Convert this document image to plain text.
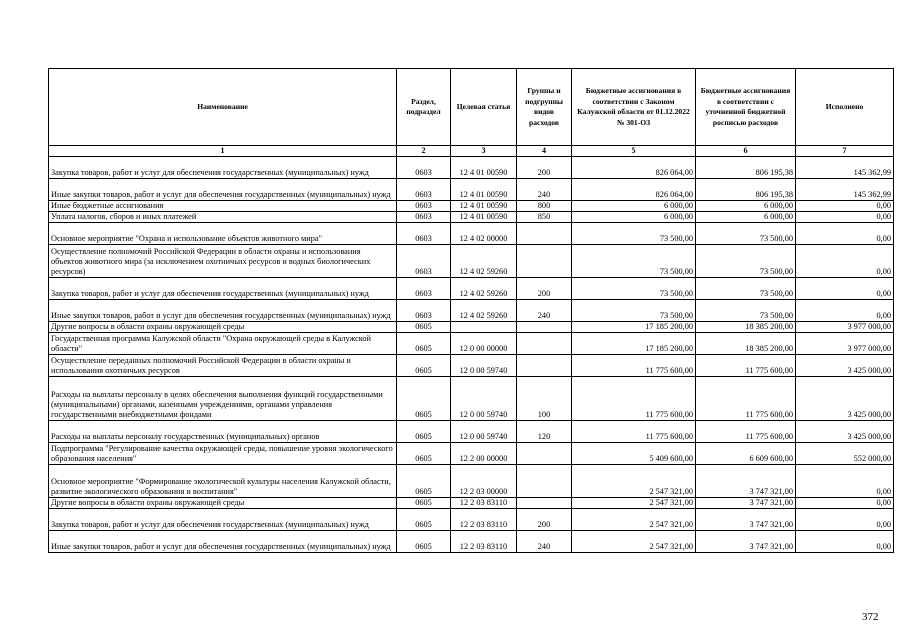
Наименование	Раздел, подраздел	Целевая статья	Группы и подгруппы видов расходов	Бюджетные ассигнования в соответствии с Законом Калужской области от 01.12.2022 № 301-ОЗ	Бюджетные ассигнования в соответствии с уточненной бюджетной росписью расходов	Исполнено
1	2	3	4	5	6	7
Закупка товаров, работ и услуг для обеспечения государственных (муниципальных) нужд	0603	12 4 01 00590	200	826 064,00	806 195,38	145 362,99
Иные закупки товаров, работ и услуг для обеспечения государственных (муниципальных) нужд	0603	12 4 01 00590	240	826 064,00	806 195,38	145 362,99
Иные бюджетные ассигнования	0603	12 4 01 00590	800	6 000,00	6 000,00	0,00
Уплата налогов, сборов и иных платежей	0603	12 4 01 00590	850	6 000,00	6 000,00	0,00
Основное мероприятие "Охрана и использование объектов животного мира"	0603	12 4 02 00000		73 500,00	73 500,00	0,00
Осуществление полномочий Российской Федерации в области охраны и использования объектов животного мира (за исключением охотничьих ресурсов и водных биологических ресурсов)	0603	12 4 02 59260		73 500,00	73 500,00	0,00
Закупка товаров, работ и услуг для обеспечения государственных (муниципальных) нужд	0603	12 4 02 59260	200	73 500,00	73 500,00	0,00
Иные закупки товаров, работ и услуг для обеспечения государственных (муниципальных) нужд	0603	12 4 02 59260	240	73 500,00	73 500,00	0,00
Другие вопросы в области охраны окружающей среды	0605			17 185 200,00	18 385 200,00	3 977 000,00
Государственная программа Калужской области "Охрана окружающей среды в Калужской области"	0605	12 0 00 00000		17 185 200,00	18 385 200,00	3 977 000,00
Осуществление переданных полномочий Российской Федерации в области охраны и использования охотничьих ресурсов	0605	12 0 00 59740		11 775 600,00	11 775 600,00	3 425 000,00
Расходы на выплаты персоналу в целях обеспечения выполнения функций государственными (муниципальными) органами, казенными учреждениями, органами управления государственными внебюджетными фондами	0605	12 0 00 59740	100	11 775 600,00	11 775 600,00	3 425 000,00
Расходы на выплаты персоналу государственных (муниципальных) органов	0605	12 0 00 59740	120	11 775 600,00	11 775 600,00	3 425 000,00
Подпрограмма "Регулирование качества окружающей среды, повышение уровня экологического образования населения"	0605	12 2 00 00000		5 409 600,00	6 609 600,00	552 000,00
Основное мероприятие "Формирование экологической культуры населения Калужской области, развитие экологического образования и воспитания"	0605	12 2 03 00000		2 547 321,00	3 747 321,00	0,00
Другие вопросы в области охраны окружающей среды	0605	12 2 03 83110		2 547 321,00	3 747 321,00	0,00
Закупка товаров, работ и услуг для обеспечения государственных (муниципальных) нужд	0605	12 2 03 83110	200	2 547 321,00	3 747 321,00	0,00
Иные закупки товаров, работ и услуг для обеспечения государственных (муниципальных) нужд	0605	12 2 03 83110	240	2 547 321,00	3 747 321,00	0,00
372
